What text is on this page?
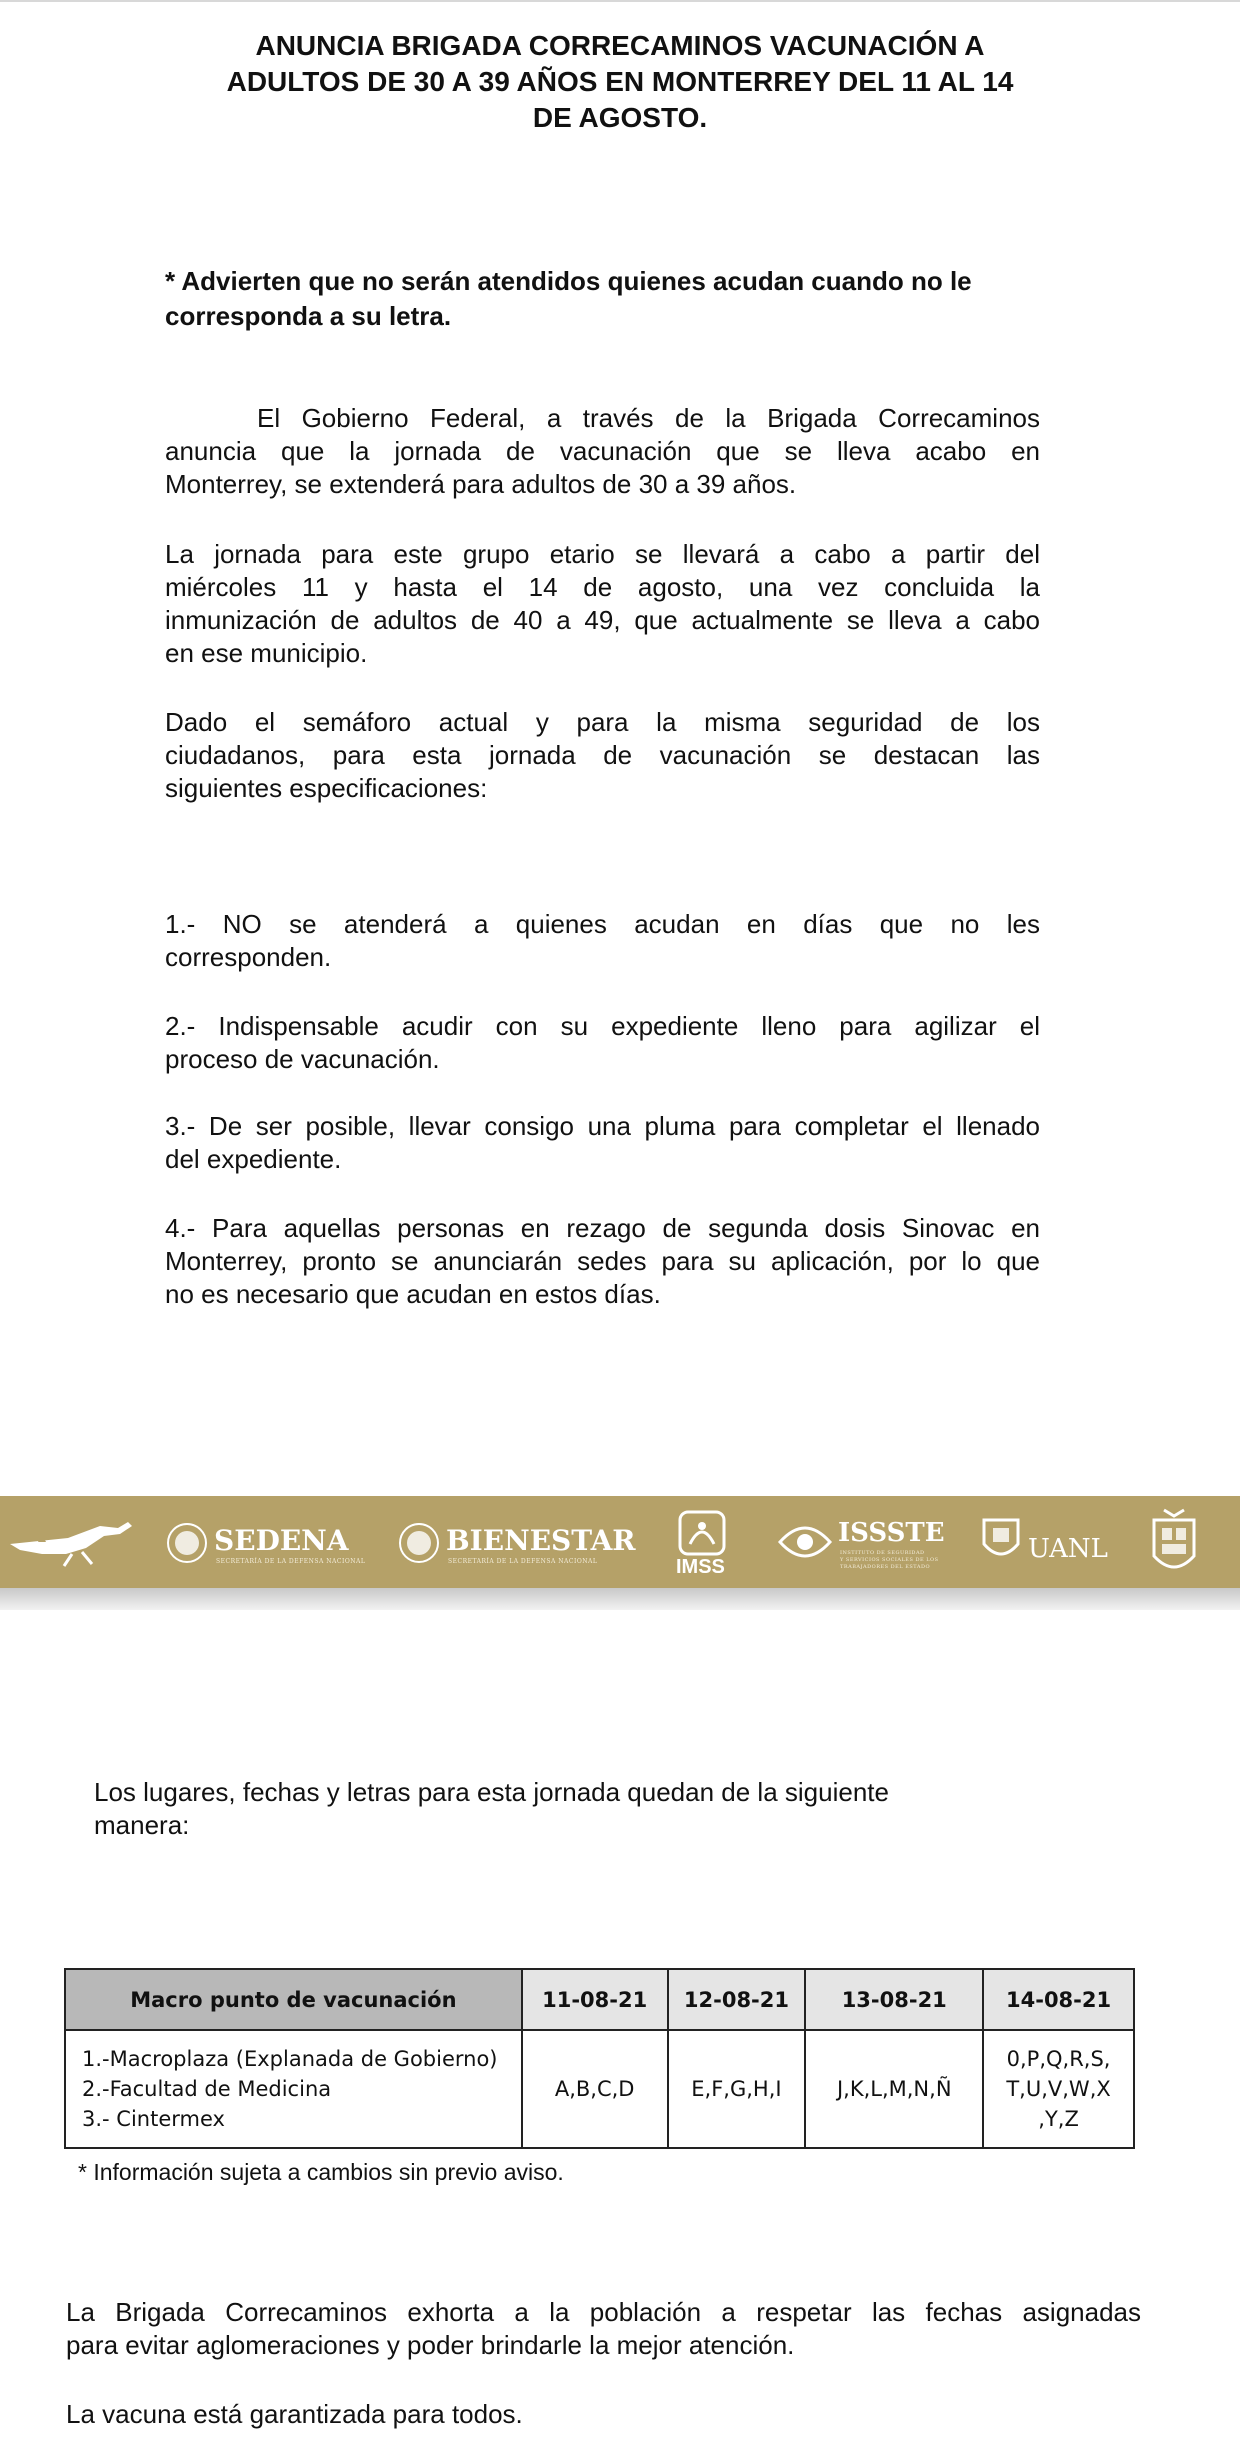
ANUNCIA BRIGADA CORRECAMINOS VACUNACIÓN A
ADULTOS DE 30 A 39 AÑOS EN MONTERREY DEL 11 AL 14
DE AGOSTO.

* Advierten que no serán atendidos quienes acudan cuando no le
corresponda a su letra.

El Gobierno Federal, a través de la Brigada Correcaminos
anuncia que la jornada de vacunación que se lleva acabo en
Monterrey, se extenderá para adultos de 30 a 39 años.

La jornada para este grupo etario se llevará a cabo a partir del
miércoles 11 y hasta el 14 de agosto, una vez concluida la
inmunización de adultos de 40 a 49, que actualmente se lleva a cabo
en ese municipio.

Dado el semáforo actual y para la misma seguridad de los
ciudadanos, para esta jornada de vacunación se destacan las
siguientes especificaciones:

1.- NO se atenderá a quienes acudan en días que no les
corresponden.

2.- Indispensable acudir con su expediente lleno para agilizar el
proceso de vacunación.

3.- De ser posible, llevar consigo una pluma para completar el llenado
del expediente.

4.- Para aquellas personas en rezago de segunda dosis Sinovac en
Monterrey, pronto se anunciarán sedes para su aplicación, por lo que
no es necesario que acudan en estos días.

SEDENA
SECRETARÍA DE LA DEFENSA NACIONAL
BIENESTAR
SECRETARÍA DE LA DEFENSA NACIONAL	IMSS
ISSSTE
INSTITUTO DE SEGURIDAD
Y SERVICIOS SOCIALES DE LOS
TRABAJADORES DEL ESTADO
UANL

Los lugares, fechas y letras para esta jornada quedan de la siguiente
manera:

Macro punto de vacunación	11-08-21	12-08-21	13-08-21	14-08-21

1.-Macroplaza (Explanada de Gobierno)
2.-Facultad de Medicina
3.- Cintermex	A,B,C,D	E,F,G,H,I	J,K,L,M,N,Ñ	0,P,Q,R,S,
T,U,V,W,X
,Y,Z

* Información sujeta a cambios sin previo aviso.

La Brigada Correcaminos exhorta a la población a respetar las fechas asignadas
para evitar aglomeraciones y poder brindarle la mejor atención.

La vacuna está garantizada para todos.
